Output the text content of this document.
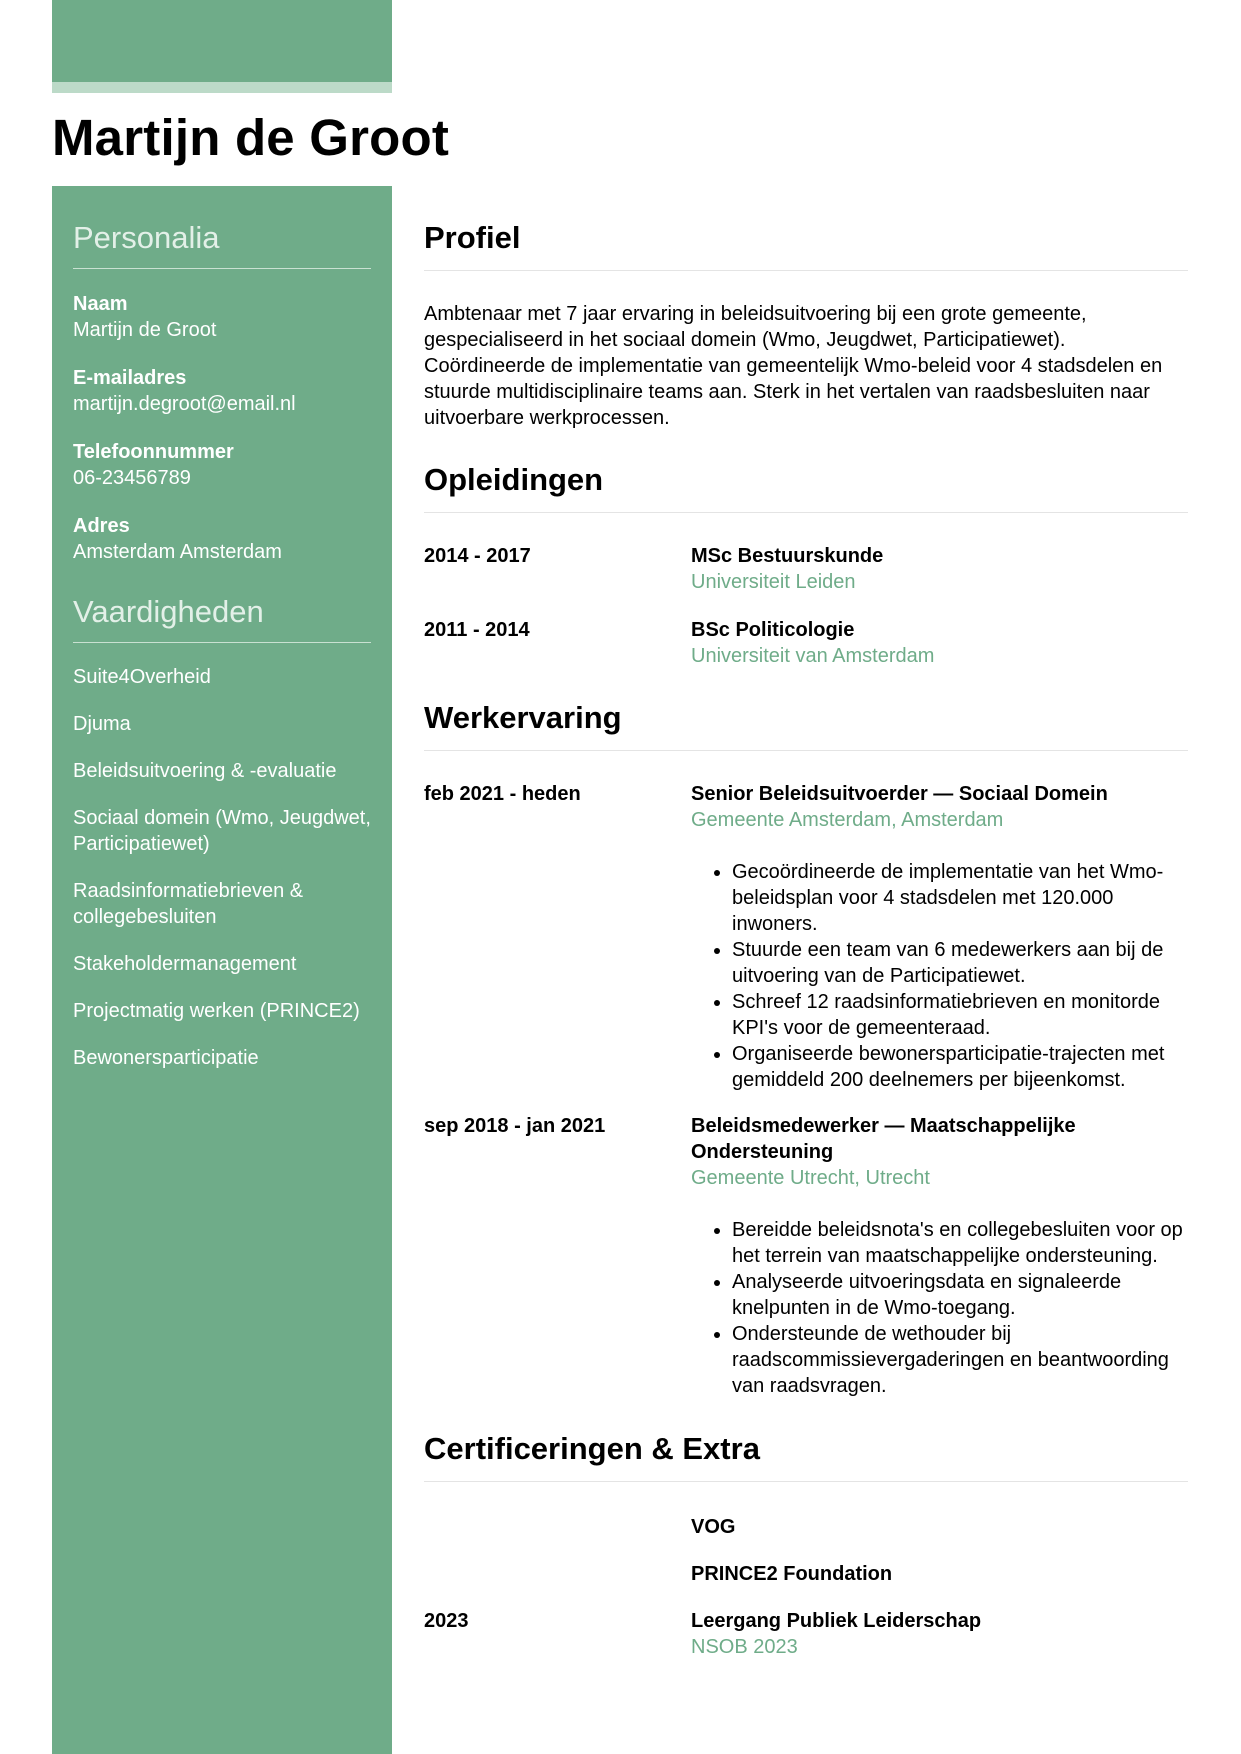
Martijn de Groot
Personalia
Naam
Martijn de Groot
E-mailadres
martijn.degroot@email.nl
Telefoonnummer
06-23456789
Adres
Amsterdam Amsterdam
Vaardigheden
Suite4Overheid
Djuma
Beleidsuitvoering & -evaluatie
Sociaal domein (Wmo, Jeugdwet, Participatiewet)
Raadsinformatiebrieven & collegebesluiten
Stakeholdermanagement
Projectmatig werken (PRINCE2)
Bewonersparticipatie
Profiel

Ambtenaar met 7 jaar ervaring in beleidsuitvoering bij een grote gemeente, gespecialiseerd in het sociaal domein (Wmo, Jeugdwet, Participatiewet). Coördineerde de implementatie van gemeentelijk Wmo-beleid voor 4 stadsdelen en stuurde multidisciplinaire teams aan. Sterk in het vertalen van raadsbesluiten naar uitvoerbare werkprocessen.

Opleidingen
2014 - 2017	MSc Bestuurskunde
Universiteit Leiden
2011 - 2014	BSc Politicologie
Universiteit van Amsterdam
Werkervaring
feb 2021 - heden	Senior Beleidsuitvoerder — Sociaal Domein
Gemeente Amsterdam, Amsterdam
• Gecoördineerde de implementatie van het Wmo-beleidsplan voor 4 stadsdelen met 120.000 inwoners.
• Stuurde een team van 6 medewerkers aan bij de uitvoering van de Participatiewet.
• Schreef 12 raadsinformatiebrieven en monitorde KPI's voor de gemeenteraad.
• Organiseerde bewonersparticipatie-trajecten met gemiddeld 200 deelnemers per bijeenkomst.
sep 2018 - jan 2021	Beleidsmedewerker — Maatschappelijke Ondersteuning
Gemeente Utrecht, Utrecht
• Bereidde beleidsnota's en collegebesluiten voor op het terrein van maatschappelijke ondersteuning.
• Analyseerde uitvoeringsdata en signaleerde knelpunten in de Wmo-toegang.
• Ondersteunde de wethouder bij raadscommissievergaderingen en beantwoording van raadsvragen.
Certificeringen & Extra
VOG
PRINCE2 Foundation
2023	Leergang Publiek Leiderschap
NSOB 2023
